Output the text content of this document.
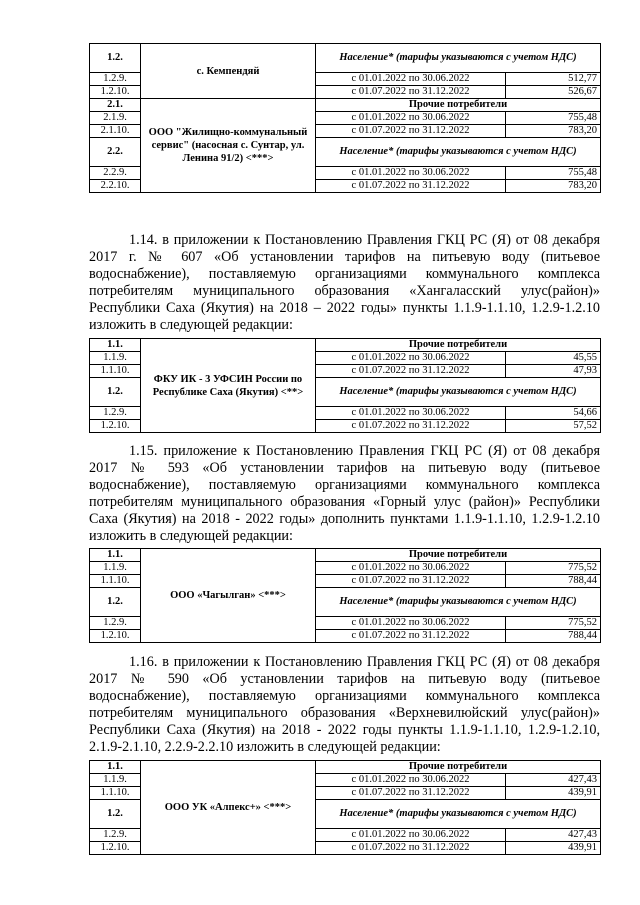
1.2.	с. Кемпендяй	Население* (тарифы указываются с учетом НДС)	
1.2.9.		с 01.01.2022 по 30.06.2022	512,77
1.2.10.		с 01.07.2022 по 31.12.2022	526,67
2.1.	ООО "Жилищно-коммунальный сервис" (насосная с. Сунтар, ул. Ленина 91/2) <***>	Прочие потребители	
2.1.9.		с 01.01.2022 по 30.06.2022	755,48
2.1.10.		с 01.07.2022 по 31.12.2022	783,20
2.2.		Население* (тарифы указываются с учетом НДС)	
2.2.9.		с 01.01.2022 по 30.06.2022	755,48
2.2.10.		с 01.07.2022 по 31.12.2022	783,20

1.14. в приложении к Постановлению Правления ГКЦ РС (Я) от 08 декабря 2017 г. № 607 «Об установлении тарифов на питьевую воду (питьевое водоснабжение), поставляемую организациями коммунального комплекса потребителям муниципального образования «Хангаласский улус(район)» Республики Саха (Якутия) на 2018 – 2022 годы» пункты 1.1.9-1.1.10, 1.2.9-1.2.10 изложить в следующей редакции:

1.1.	ФКУ ИК - 3 УФСИН России по Республике Саха (Якутия) <**>	Прочие потребители	
1.1.9.		с 01.01.2022 по 30.06.2022	45,55
1.1.10.		с 01.07.2022 по 31.12.2022	47,93
1.2.		Население* (тарифы указываются с учетом НДС)	
1.2.9.		с 01.01.2022 по 30.06.2022	54,66
1.2.10.		с 01.07.2022 по 31.12.2022	57,52

1.15. приложение к Постановлению Правления ГКЦ РС (Я) от 08 декабря 2017 № 593 «Об установлении тарифов на питьевую воду (питьевое водоснабжение), поставляемую организациями коммунального комплекса потребителям муниципального образования «Горный улус (район)» Республики Саха (Якутия) на 2018 - 2022 годы» дополнить пунктами 1.1.9-1.1.10, 1.2.9-1.2.10 изложить в следующей редакции:

1.1.	ООО «Чагылган» <***>	Прочие потребители	
1.1.9.		с 01.01.2022 по 30.06.2022	775,52
1.1.10.		с 01.07.2022 по 31.12.2022	788,44
1.2.		Население* (тарифы указываются с учетом НДС)	
1.2.9.		с 01.01.2022 по 30.06.2022	775,52
1.2.10.		с 01.07.2022 по 31.12.2022	788,44

1.16. в приложении к Постановлению Правления ГКЦ РС (Я) от 08 декабря 2017 № 590 «Об установлении тарифов на питьевую воду (питьевое водоснабжение), поставляемую организациями коммунального комплекса потребителям муниципального образования «Верхневилюйский улус(район)» Республики Саха (Якутия) на 2018 - 2022 годы пункты 1.1.9-1.1.10, 1.2.9-1.2.10, 2.1.9-2.1.10, 2.2.9-2.2.10 изложить в следующей редакции:

1.1.	ООО УК «Алпекс+» <***>	Прочие потребители	
1.1.9.		с 01.01.2022 по 30.06.2022	427,43
1.1.10.		с 01.07.2022 по 31.12.2022	439,91
1.2.		Население* (тарифы указываются с учетом НДС)	
1.2.9.		с 01.01.2022 по 30.06.2022	427,43
1.2.10.		с 01.07.2022 по 31.12.2022	439,91
